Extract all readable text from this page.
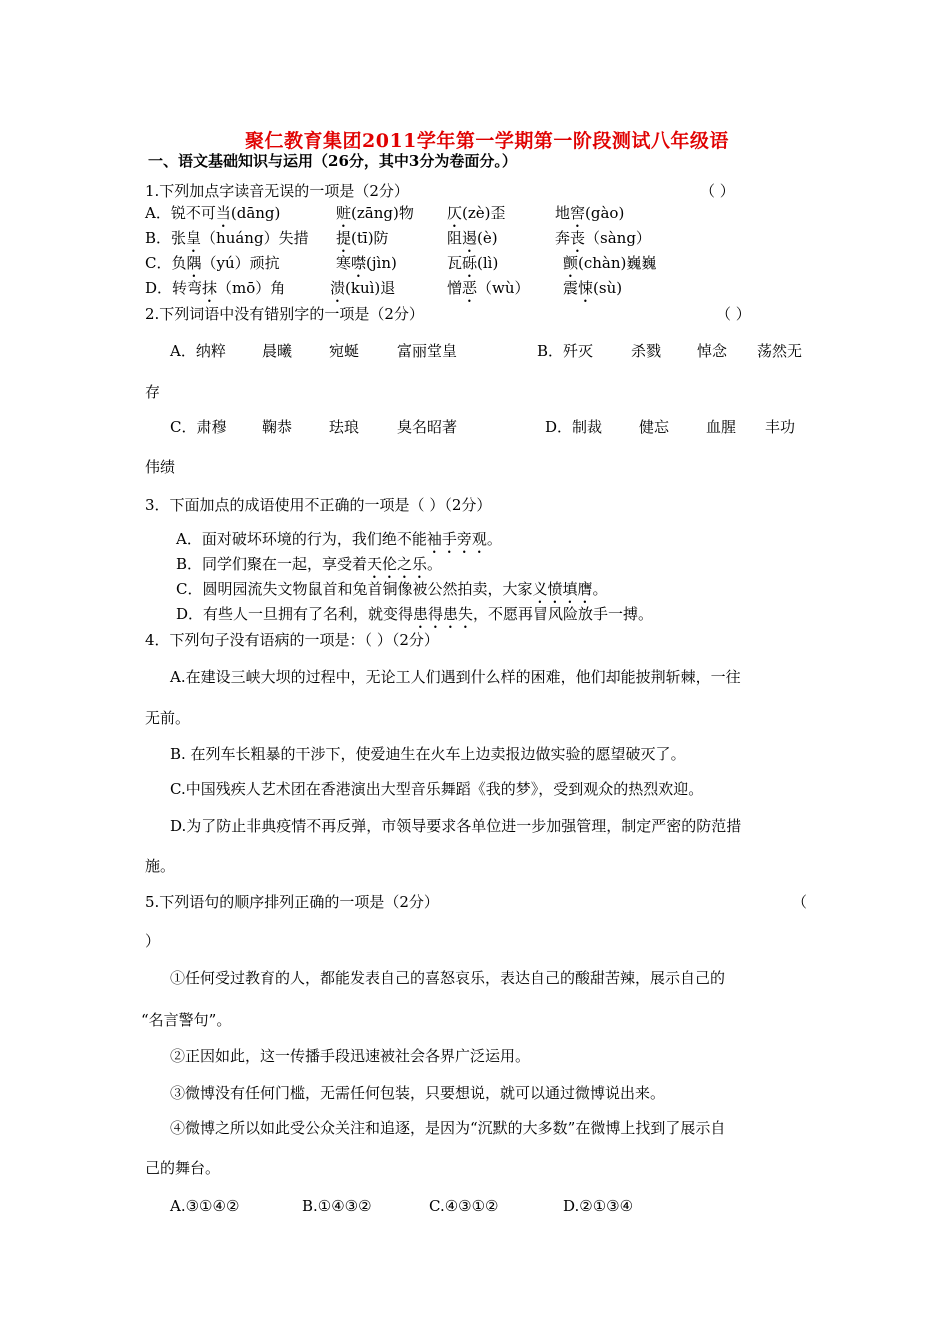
聚仁教育集团2011学年第一学期第一阶段测试八年级语
一、语文基础知识与运用（26分，其中3分为卷面分。）
1.下列加点字读音无误的一项是（2分）	（ ）
A．锐不可当(dāng)	赃(zāng)物 仄(zè)歪	地窖(gào)
B．张皇（huáng）失措 提(tī)防	阻遏(è)	奔丧（sàng）
C．负隅（yú）顽抗	寒噤(jìn)	瓦砾(lì)	颤(chàn)巍巍
D．转弯抹（mō）角	溃(kuì)退	憎恶（wù） 震悚(sù)
2.下列词语中没有错别字的一项是（2分）	（ ）
A．纳粹 晨曦 宛蜒	富丽堂皇	B．歼灭	杀戮 悼念 荡然无
存
C．肃穆 鞠恭 珐琅	臭名昭著	D．制裁 健忘 血腥 丰功
伟绩
3．下面加点的成语使用不正确的一项是（ ）（2分）
A．面对破坏环境的行为，我们绝不能袖手旁观。
B．同学们聚在一起，享受着天伦之乐。
C．圆明园流失文物鼠首和兔首铜像被公然拍卖，大家义愤填膺。
D．有些人一旦拥有了名利，就变得患得患失，不愿再冒风险放手一搏。
4．下列句子没有语病的一项是：（ ）（2分）
A.在建设三峡大坝的过程中，无论工人们遇到什么样的困难，他们却能披荆斩棘，一往
无前。
B. 在列车长粗暴的干涉下，使爱迪生在火车上边卖报边做实验的愿望破灭了。
C.中国残疾人艺术团在香港演出大型音乐舞蹈《我的梦》，受到观众的热烈欢迎。
D.为了防止非典疫情不再反弹，市领导要求各单位进一步加强管理，制定严密的防范措
施。
5.下列语句的顺序排列正确的一项是（2分）	（
）
①任何受过教育的人，都能发表自己的喜怒哀乐，表达自己的酸甜苦辣，展示自己的
“名言警句”。
②正因如此，这一传播手段迅速被社会各界广泛运用。
③微博没有任何门槛，无需任何包装，只要想说，就可以通过微博说出来。
④微博之所以如此受公众关注和追逐，是因为“沉默的大多数”在微博上找到了展示自
己的舞台。
A.③①④②	B.①④③②	C.④③①②	D.②①③④
